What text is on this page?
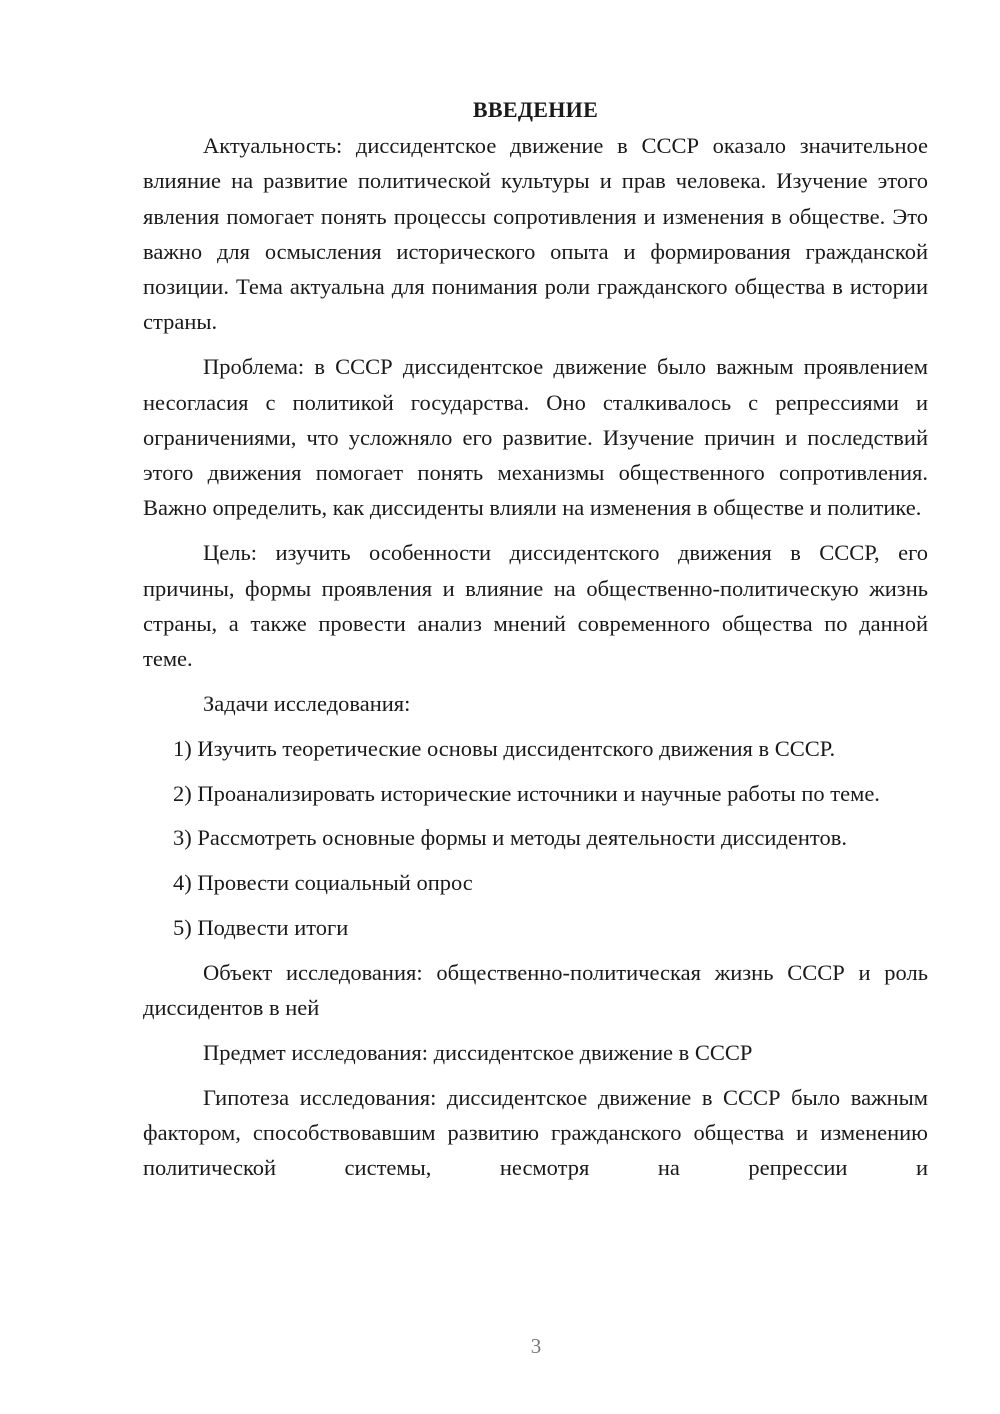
ВВЕДЕНИЕ

Актуальность: диссидентское движение в СССР оказало значительное влияние на развитие политической культуры и прав человека. Изучение этого явления помогает понять процессы сопротивления и изменения в обществе. Это важно для осмысления исторического опыта и формирования гражданской позиции. Тема актуальна для понимания роли гражданского общества в истории страны.

Проблема: в СССР диссидентское движение было важным проявлением несогласия с политикой государства. Оно сталкивалось с репрессиями и ограничениями, что усложняло его развитие. Изучение причин и последствий этого движения помогает понять механизмы общественного сопротивления. Важно определить, как диссиденты влияли на изменения в обществе и политике.

Цель: изучить особенности диссидентского движения в СССР, его причины, формы проявления и влияние на общественно-политическую жизнь страны, а также провести анализ мнений современного общества по данной теме.

Задачи исследования:

1) Изучить теоретические основы диссидентского движения в СССР.

2) Проанализировать исторические источники и научные работы по теме.

3) Рассмотреть основные формы и методы деятельности диссидентов.

4) Провести социальный опрос

5) Подвести итоги

Объект исследования: общественно-политическая жизнь СССР и роль диссидентов в ней

Предмет исследования: диссидентское движение в СССР

Гипотеза исследования: диссидентское движение в СССР было важным фактором, способствовавшим развитию гражданского общества и изменению политической системы, несмотря на репрессии и

3
